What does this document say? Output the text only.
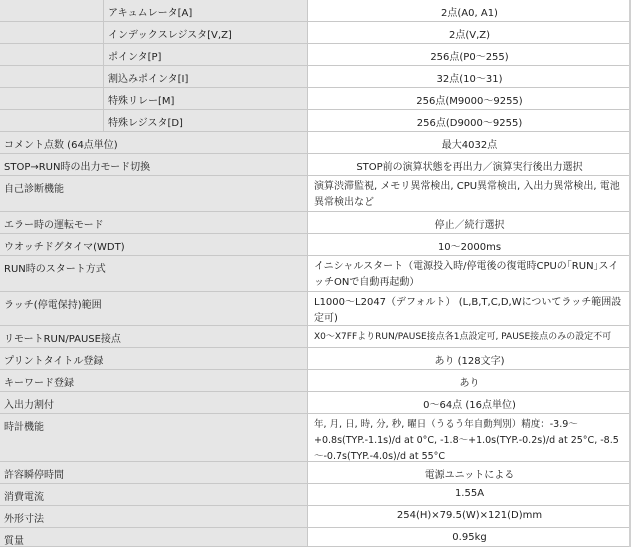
アキュムレータ[A]	2点(A0, A1)
インデックスレジスタ[V,Z]	2点(V,Z)
ポインタ[P]	256点(P0～255)
割込みポインタ[I]	32点(10～31)
特殊リレー[M]	256点(M9000～9255)
特殊レジスタ[D]	256点(D9000～9255)
コメント点数 (64点単位)	最大4032点
STOP→RUN時の出力モード切換	STOP前の演算状態を再出力／演算実行後出力選択
自己診断機能	演算渋滞監視, メモリ異常検出, CPU異常検出, 入出力異常検出, 電池異常検出など
エラー時の運転モード	停止／続行選択
ウオッチドグタイマ(WDT)	10～2000ms
RUN時のスタート方式	イニシャルスタート（電源投入時/停電後の復電時CPUの｢RUN｣スイッチONで自動再起動）
ラッチ(停電保持)範囲	L1000～L2047（デフォルト） (L,B,T,C,D,Wについてラッチ範囲設定可)
リモートRUN/PAUSE接点	X0～X7FFよりRUN/PAUSE接点各1点設定可, PAUSE接点のみの設定不可
プリントタイトル登録	あり (128文字)
キーワード登録	あり
入出力割付	0～64点 (16点単位)
時計機能	年, 月, 日, 時, 分, 秒, 曜日（うるう年自動判別）精度：-3.9～+0.8s(TYP.-1.1s)/d at 0°C, -1.8～+1.0s(TYP.-0.2s)/d at 25°C, -8.5～-0.7s(TYP.-4.0s)/d at 55°C
許容瞬停時間	電源ユニットによる
消費電流	1.55A
外形寸法	254(H)×79.5(W)×121(D)mm
質量	0.95kg
